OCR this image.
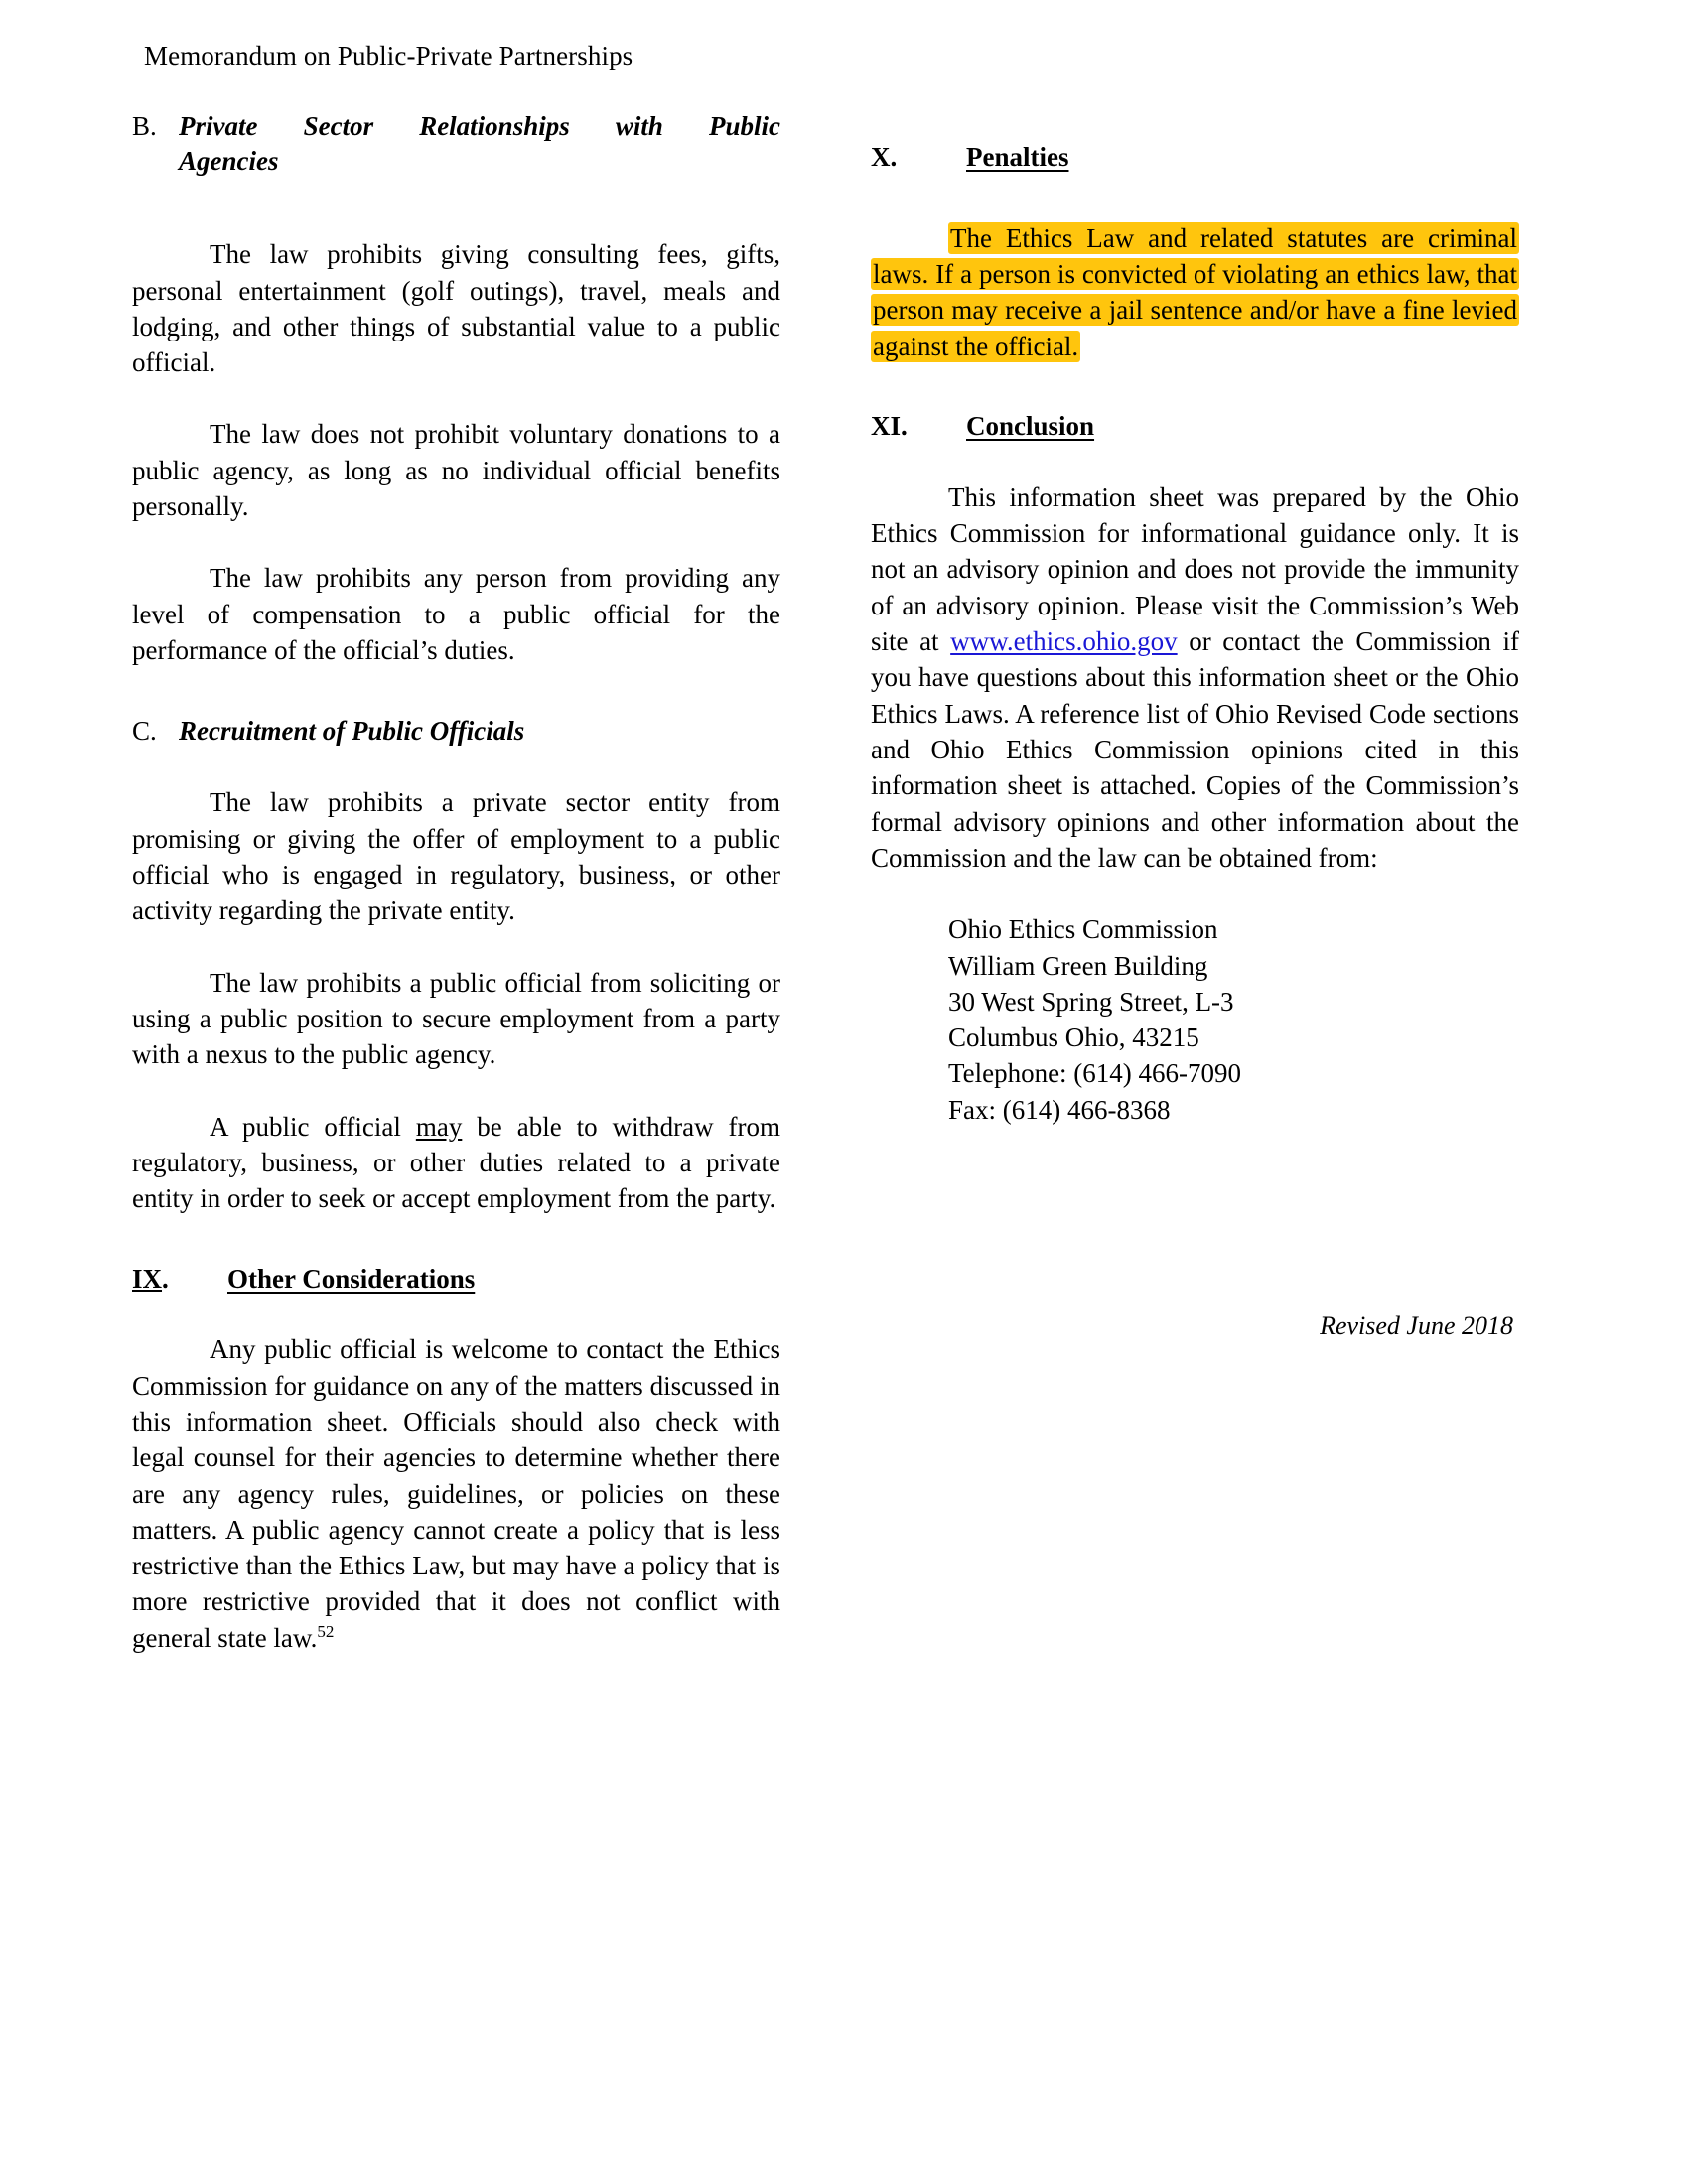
Memorandum on Public-Private Partnerships
B. Private Sector Relationships with Public
Agencies

The law prohibits giving consulting fees, gifts, personal entertainment (golf outings), travel, meals and lodging, and other things of substantial value to a public official.

The law does not prohibit voluntary donations to a public agency, as long as no individual official benefits personally.

The law prohibits any person from providing any level of compensation to a public official for the performance of the official’s duties.

C. Recruitment of Public Officials

The law prohibits a private sector entity from promising or giving the offer of employment to a public official who is engaged in regulatory, business, or other activity regarding the private entity.

The law prohibits a public official from soliciting or using a public position to secure employment from a party with a nexus to the public agency.

A public official may be able to withdraw from regulatory, business, or other duties related to a private entity in order to seek or accept employment from the party.

IX.	Other Considerations

Any public official is welcome to contact the Ethics Commission for guidance on any of the matters discussed in this information sheet. Officials should also check with legal counsel for their agencies to determine whether there are any agency rules, guidelines, or policies on these matters. A public agency cannot create a policy that is less restrictive than the Ethics Law, but may have a policy that is more restrictive provided that it does not conflict with general state law.$^{52}$

X.	Penalties

The Ethics Law and related statutes are criminal laws. If a person is convicted of violating an ethics law, that person may receive a jail sentence and/or have a fine levied against the official.

XI.	Conclusion

This information sheet was prepared by the Ohio Ethics Commission for informational guidance only. It is not an advisory opinion and does not provide the immunity of an advisory opinion. Please visit the Commission’s Web site at www.ethics.ohio.gov or contact the Commission if you have questions about this information sheet or the Ohio Ethics Laws. A reference list of Ohio Revised Code sections and Ohio Ethics Commission opinions cited in this information sheet is attached. Copies of the Commission’s formal advisory opinions and other information about the Commission and the law can be obtained from:

Ohio Ethics Commission
William Green Building
30 West Spring Street, L-3
Columbus Ohio, 43215
Telephone: (614) 466-7090
Fax: (614) 466-8368

Revised June 2018
